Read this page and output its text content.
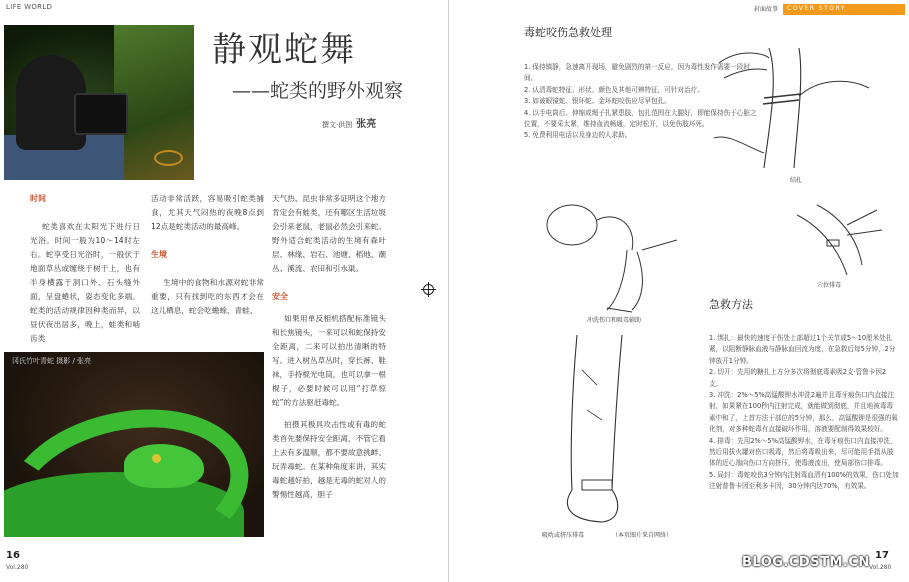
LIFE WORLD
静观蛇舞
——蛇类的野外观察
撰文·供图 张亮

时间

蛇类喜欢在太阳光下进行日光浴。时间一般为10～14时左右。蛇享受日光浴时，一般伏于地面草丛或缠绕于树干上，也有半身横露于洞口外、石头缝外面，呈盘蜷状，姿态变化多端。蛇类的活动规律因种类而异，以昼伏夜出居多，晚上，蛙类和啮齿类

活动非常活跃，容易吸引蛇类捕食，尤其天气闷热的夜晚8点到12点是蛇类活动的最高峰。

生境

生境中的食物和水源对蛇非常重要，只有找到吃的东西才会在这儿栖息，蛇会吃蟾蜍、青蛙、

天气热、昆虫非常多证明这个地方肯定会有蛙类，还有哪区生活垃圾会引来老鼠，老鼠必然会引来蛇。野外适合蛇类活动的生境有森叶层、林缘、岩石、池塘、稻地、潮丛、溪流、农田和引水渠。

安全

如果用单反相机搭配标准镜头和长焦镜头，一来可以和蛇保持安全距离，二来可以拍出清晰的特写。进入树丛草丛时，穿长裤、鞋袜，手持棍光电筒，也可以拿一根棍子，必要时候可以用“打草惊蛇”的方法驱赶毒蛇。

拍摄其极具攻击性或有毒的蛇类首先要保持安全距离，不管它看上去有多温顺，都不要故意挑衅、玩弄毒蛇。在某种角度来讲，其实毒蛇越好拍，越是无毒的蛇对人的警惕性越高，胆子

冈氏竹叶青蛇 摄影 / 张亮
16
Vol.280
封面故事 COVER STORY
毒蛇咬伤急救处理

1. 保持镇静，急速离开现场，避免剧烈的第一反应，因为毒性发作需要一段时间。

2. 认清毒蛇特征、形状、颜色及其他可辨特征，可针对治疗。

3. 如被眼镜蛇、银环蛇、金环蛇咬伤应尽早包扎。

4. 以手电筒后、伸缩或绳子扎紧患肢，包扎范围在大腿好，即能保持伤于心脏之位置，不要采太紧，维持血流畅通，定时松开，以免伤肢坏死。

5. 免费利用电话以及身边的人求助。

结扎
冲洗伤口和吸毒辅助
穴位排毒
吸吮或挤压排毒	（本页图片来自网络）
急救方法

1. 绑扎：最快的速度于伤处上部超过1个关节或5～10厘米处扎紧，以阻断静脉血液与静脉血回流为度，在急救后每5分钟，2分钟放开1分钟。

2. 切开：先用的糖扎上方分多次将彻底毒素吸2支·管鲁卡因2支。

3. 冲洗：2%～5%高锰酸钾水冲洗2遍并且毒牙痕伤口内直接注射，如果紧在100秒内注射完成，就能做到彻底，并且地被毒毒素中和了，上首方法于部位的5分钟，那么，高锰酸钾是很强的氧化剂，对多种蛇毒有直接破坏作用，溶液要配制得效果较好。

4. 排毒：先用2%～5%高锰酸钾水，在毒牙痕伤口内直接冲洗，然后用拔火罐对伤口吸毒，然后将毒吸出来，尽可能用手指从肢体的近心端向伤口方向挤压，使毒液流出，使局部伤口排毒。

5. 局封：毒蛇咬伤3分钟内注射毒血清有100%的效果，伤口处加注射普鲁卡因至利多卡因，30分钟内达70%，有效果。

BLOG.CDSTM.CN 17
Vol.280
